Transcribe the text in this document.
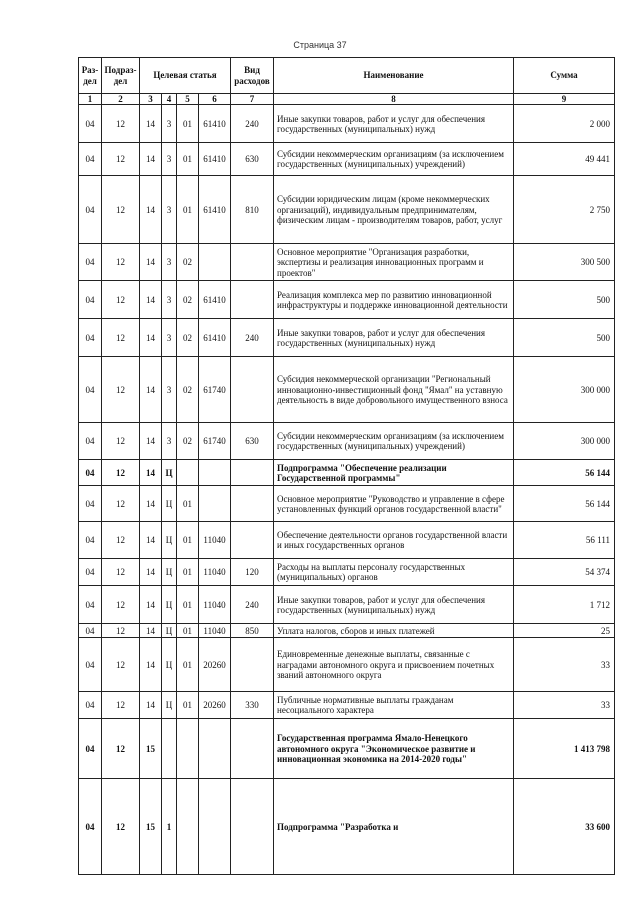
Страница 37
Раз-дел	Подраз-дел	Целевая статья				Вид расходов	Наименование	Сумма
1	2	3	4	5	6	7	8	9
04	12	14	3	01	61410	240	Иные закупки товаров, работ и услуг для обеспечения государственных (муниципальных) нужд	2 000
04	12	14	3	01	61410	630	Субсидии некоммерческим организациям (за исключением государственных (муниципальных) учреждений)	49 441
04	12	14	3	01	61410	810	Субсидии юридическим лицам (кроме некоммерческих организаций), индивидуальным предпринимателям, физическим лицам - производителям товаров, работ, услуг	2 750
04	12	14	3	02			Основное мероприятие "Организация разработки, экспертизы и реализация инновационных программ и проектов"	300 500
04	12	14	3	02	61410		Реализация комплекса мер по развитию инновационной инфраструктуры и поддержке инновационной деятельности	500
04	12	14	3	02	61410	240	Иные закупки товаров, работ и услуг для обеспечения государственных (муниципальных) нужд	500
04	12	14	3	02	61740		Субсидия некоммерческой организации "Региональный инновационно-инвестиционный фонд "Ямал" на уставную деятельность в виде добровольного имущественного взноса	300 000
04	12	14	3	02	61740	630	Субсидии некоммерческим организациям (за исключением государственных (муниципальных) учреждений)	300 000
04	12	14	Ц				Подпрограмма "Обеспечение реализации Государственной программы"	56 144
04	12	14	Ц	01			Основное мероприятие "Руководство и управление в сфере установленных функций органов государственной власти"	56 144
04	12	14	Ц	01	11040		Обеспечение деятельности органов государственной власти и иных государственных органов	56 111
04	12	14	Ц	01	11040	120	Расходы на выплаты персоналу государственных (муниципальных) органов	54 374
04	12	14	Ц	01	11040	240	Иные закупки товаров, работ и услуг для обеспечения государственных (муниципальных) нужд	1 712
04	12	14	Ц	01	11040	850	Уплата налогов, сборов и иных платежей	25
04	12	14	Ц	01	20260		Единовременные денежные выплаты, связанные с наградами автономного округа и присвоением почетных званий автономного округа	33
04	12	14	Ц	01	20260	330	Публичные нормативные выплаты гражданам несоциального характера	33
04	12	15					Государственная программа Ямало-Ненецкого автономного округа "Экономическое развитие и инновационная экономика на 2014-2020 годы"	1 413 798
04	12	15	1				Подпрограмма "Разработка и	33 600
